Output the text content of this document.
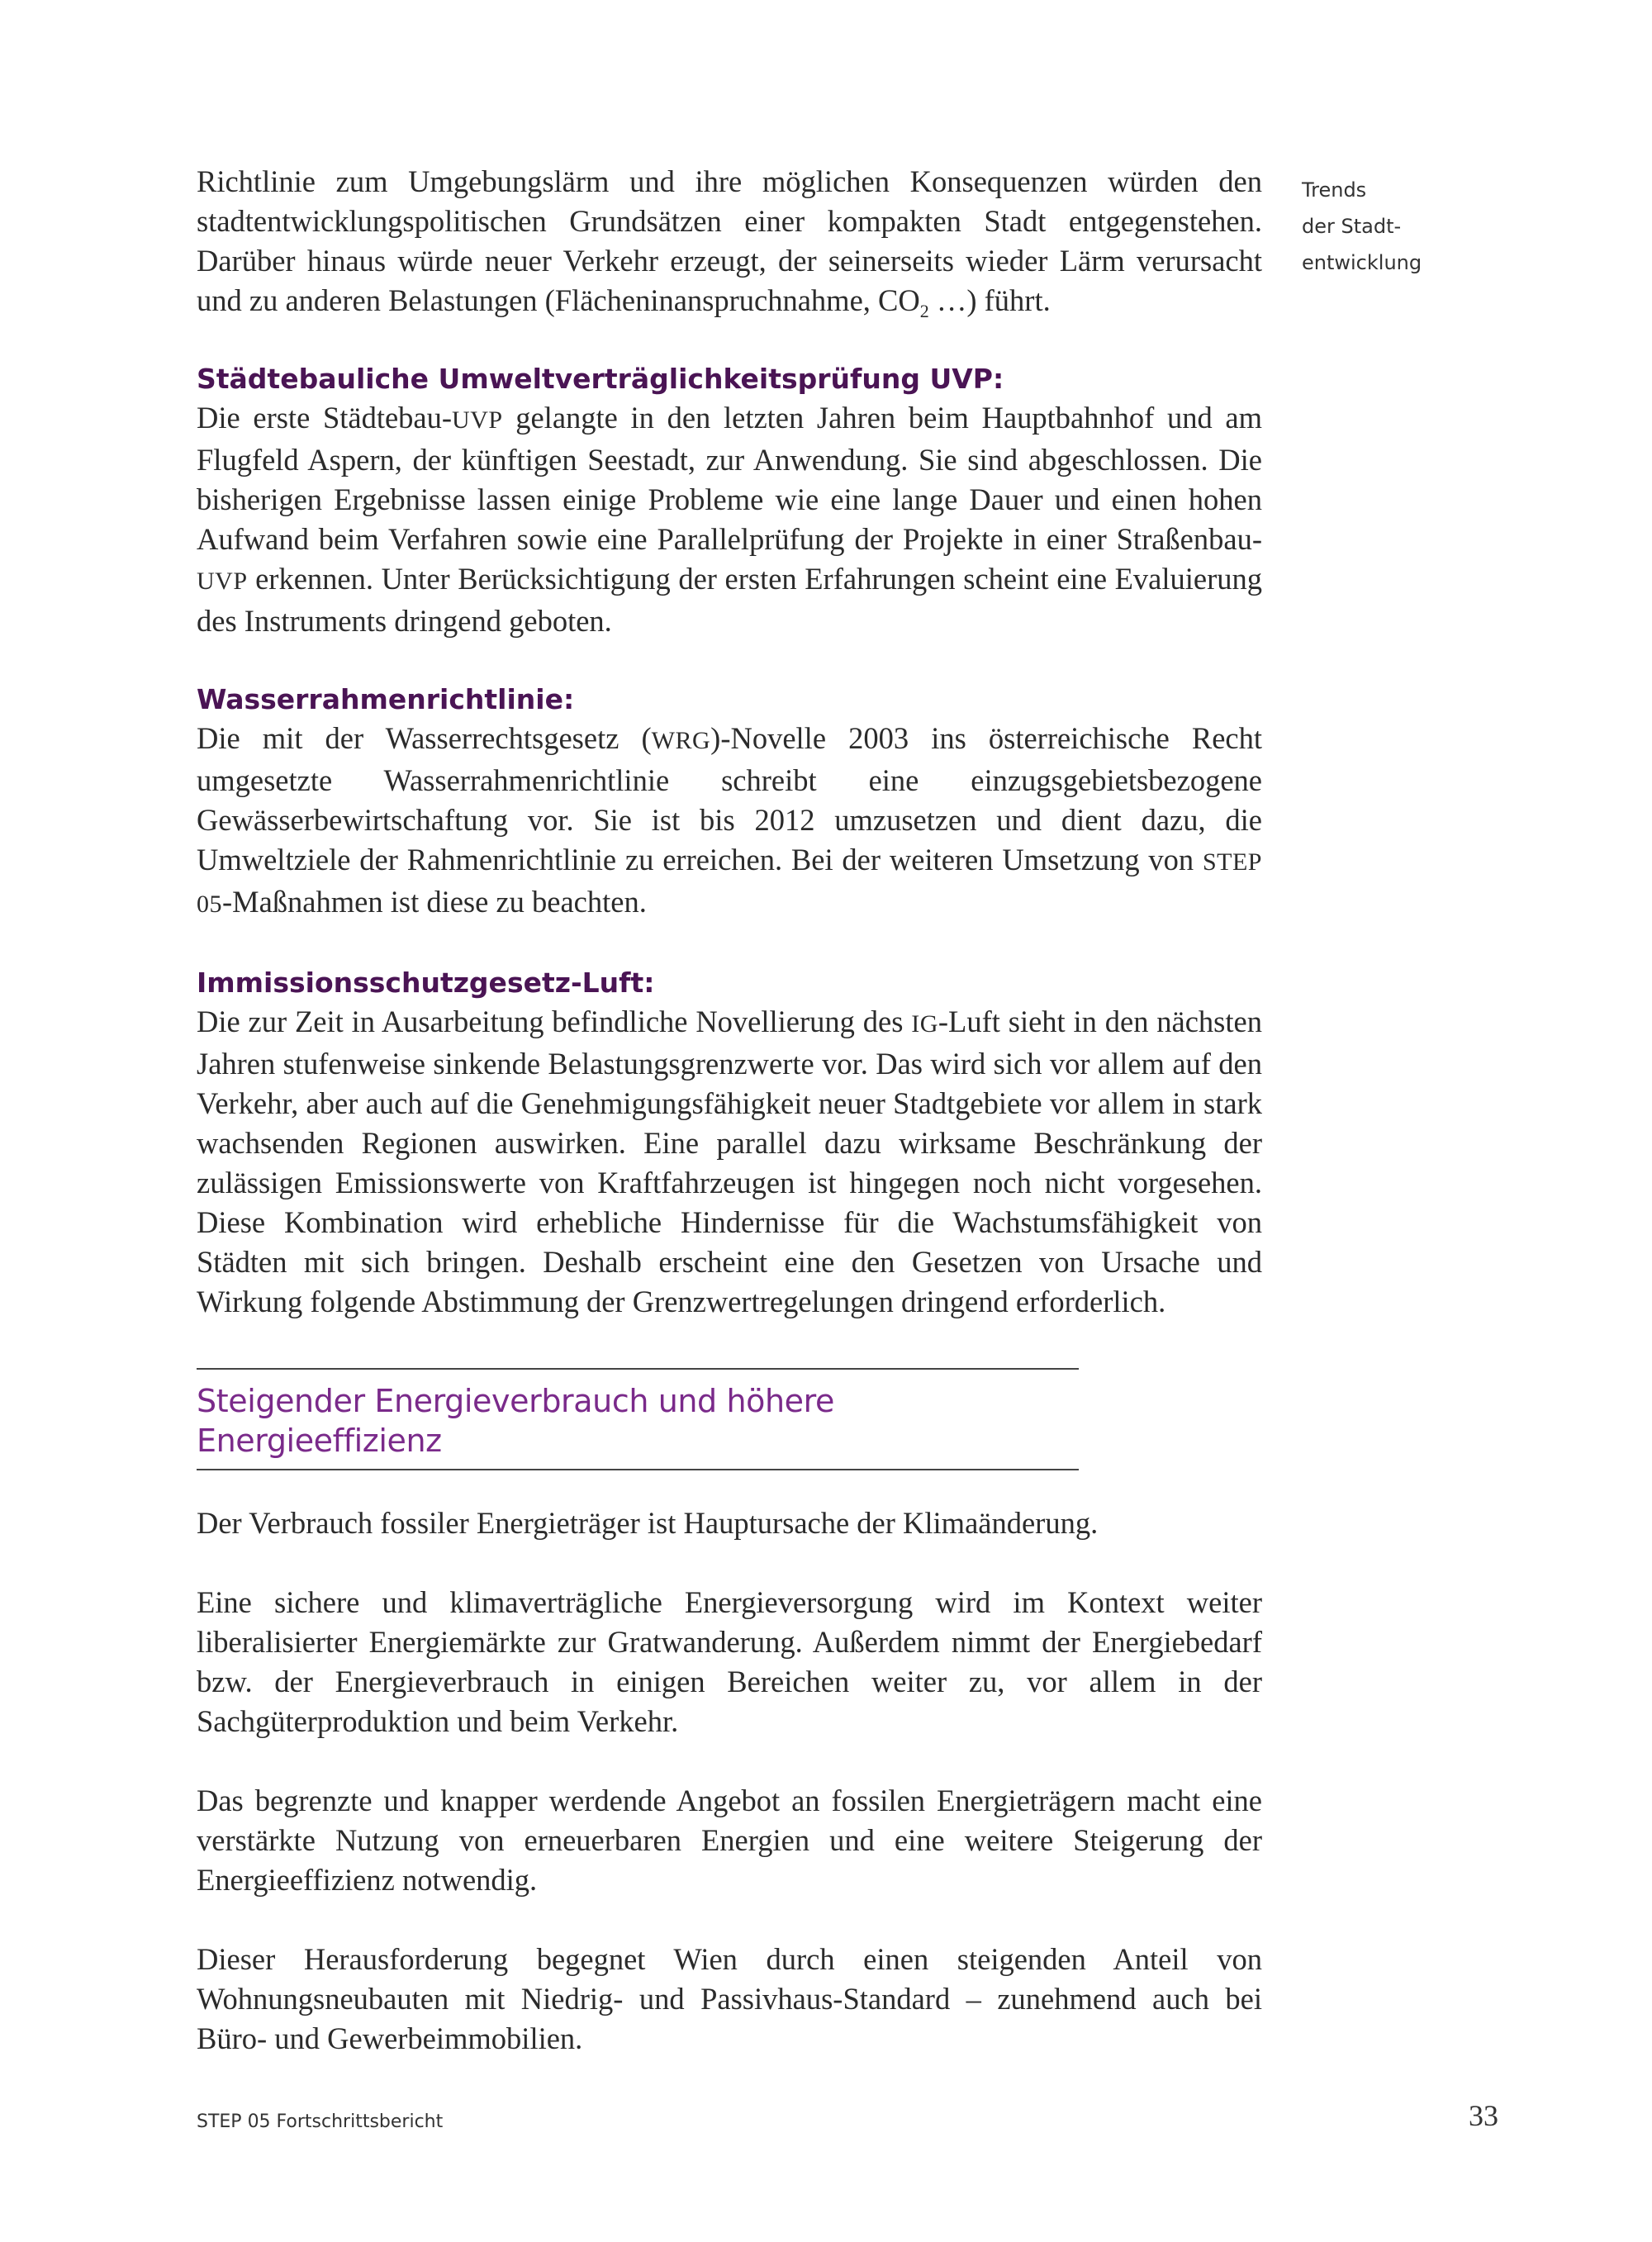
Trends
der Stadt-
entwicklung

Richtlinie zum Umgebungslärm und ihre möglichen Konsequenzen würden den stadtentwicklungspolitischen Grundsätzen einer kompakten Stadt entgegenstehen. Darüber hinaus würde neuer Verkehr erzeugt, der seinerseits wieder Lärm verursacht und zu anderen Belastungen (Flächeninanspruchnahme, $CO_2$ …) führt.

Städtebauliche Umweltverträglichkeitsprüfung UVP:

Die erste Städtebau-UVP gelangte in den letzten Jahren beim Hauptbahnhof und am Flugfeld Aspern, der künftigen Seestadt, zur Anwendung. Sie sind abgeschlossen. Die bisherigen Ergebnisse lassen einige Probleme wie eine lange Dauer und einen hohen Aufwand beim Verfahren sowie eine Parallelprüfung der Projekte in einer Straßenbau-UVP erkennen. Unter Berücksichtigung der ersten Erfahrungen scheint eine Evaluierung des Instruments dringend geboten.

Wasserrahmenrichtlinie:

Die mit der Wasserrechtsgesetz (WRG)-Novelle 2003 ins österreichische Recht umgesetzte Wasserrahmenrichtlinie schreibt eine einzugsgebietsbezogene Gewässerbewirtschaftung vor. Sie ist bis 2012 umzusetzen und dient dazu, die Umweltziele der Rahmenrichtlinie zu erreichen. Bei der weiteren Umsetzung von STEP 05-Maßnahmen ist diese zu beachten.

Immissionsschutzgesetz-Luft:

Die zur Zeit in Ausarbeitung befindliche Novellierung des IG-Luft sieht in den nächsten Jahren stufenweise sinkende Belastungsgrenzwerte vor. Das wird sich vor allem auf den Verkehr, aber auch auf die Genehmigungsfähigkeit neuer Stadtgebiete vor allem in stark wachsenden Regionen auswirken. Eine parallel dazu wirksame Beschränkung der zulässigen Emissionswerte von Kraftfahrzeugen ist hingegen noch nicht vorgesehen. Diese Kombination wird erhebliche Hindernisse für die Wachstumsfähigkeit von Städten mit sich bringen. Deshalb erscheint eine den Gesetzen von Ursache und Wirkung folgende Abstimmung der Grenzwertregelungen dringend erforderlich.

Steigender Energieverbrauch und höhere Energieeffizienz

Der Verbrauch fossiler Energieträger ist Hauptursache der Klimaänderung.

Eine sichere und klimaverträgliche Energieversorgung wird im Kontext weiter liberalisierter Energiemärkte zur Gratwanderung. Außerdem nimmt der Energiebedarf bzw. der Energieverbrauch in einigen Bereichen weiter zu, vor allem in der Sachgüterproduktion und beim Verkehr.

Das begrenzte und knapper werdende Angebot an fossilen Energieträgern macht eine verstärkte Nutzung von erneuerbaren Energien und eine weitere Steigerung der Energieeffizienz notwendig.

Dieser Herausforderung begegnet Wien durch einen steigenden Anteil von Wohnungsneubauten mit Niedrig- und Passivhaus-Standard – zunehmend auch bei Büro- und Gewerbeimmobilien.

STEP 05 Fortschrittsbericht	33
